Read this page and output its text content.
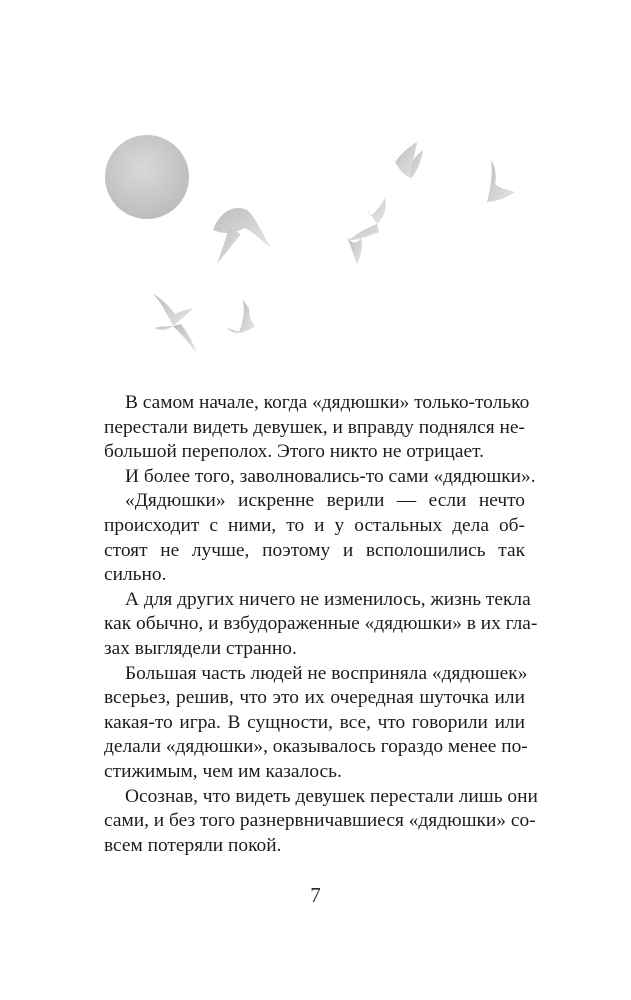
В самом начале, когда «дядюшки» только-только
перестали видеть девушек, и вправду поднялся не-
большой переполох. Этого никто не отрицает.
И более того, заволновались-то сами «дядюшки».
«Дядюшки» искренне верили — если нечто
происходит с ними, то и у остальных дела об-
стоят не лучше, поэтому и всполошились так
сильно.
А для других ничего не изменилось, жизнь текла
как обычно, и взбудораженные «дядюшки» в их гла-
зах выглядели странно.
Большая часть людей не восприняла «дядюшек»
всерьез, решив, что это их очередная шуточка или
какая-то игра. В сущности, все, что говорили или
делали «дядюшки», оказывалось гораздо менее по-
стижимым, чем им казалось.
Осознав, что видеть девушек перестали лишь они
сами, и без того разнервничавшиеся «дядюшки» со-
всем потеряли покой.
7
